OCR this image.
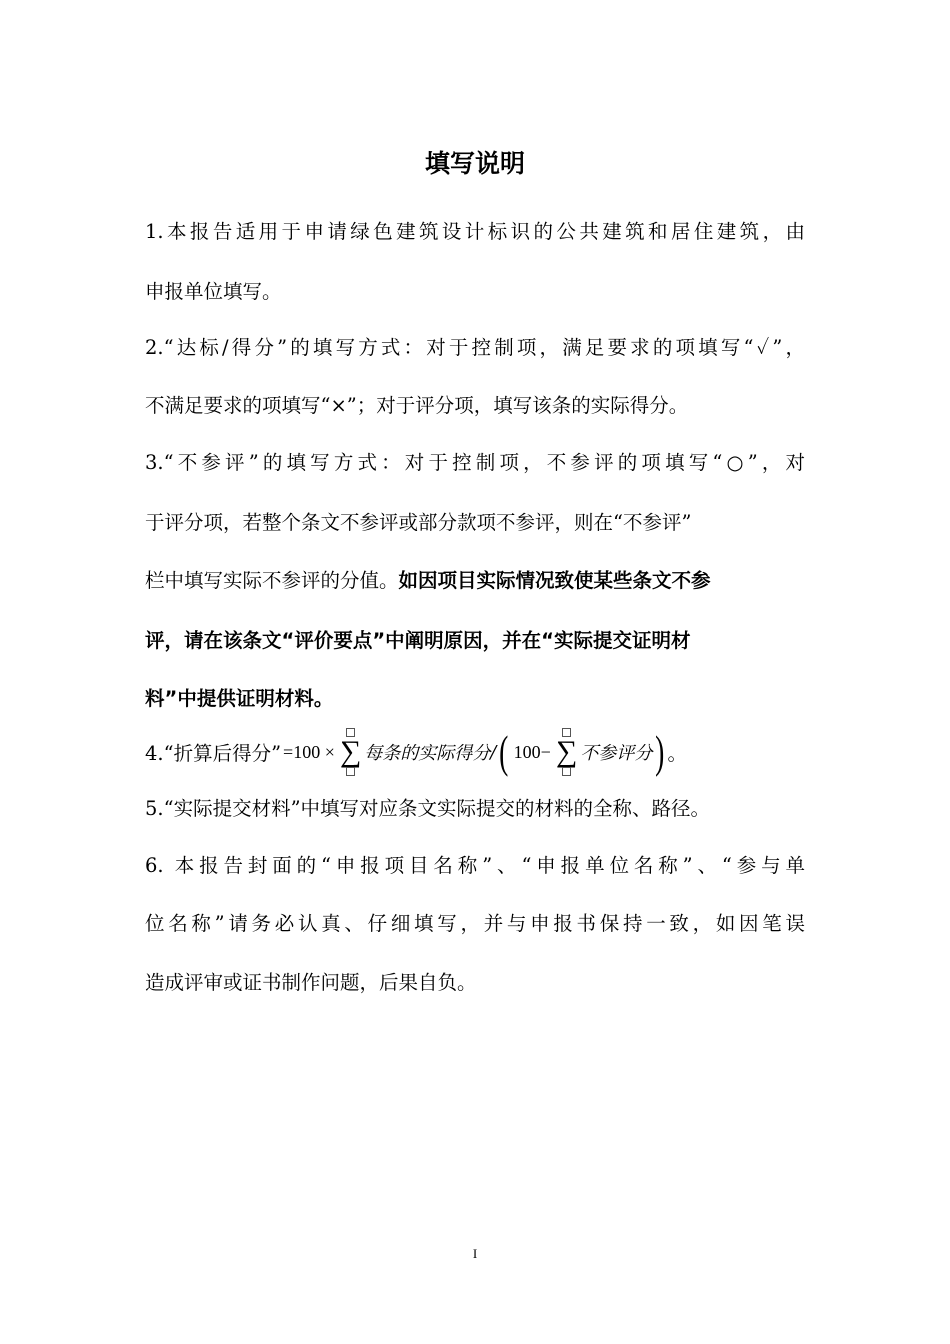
填写说明
1.本报告适用于申请绿色建筑设计标识的公共建筑和居住建筑，由
申报单位填写。
2.“达标/得分”的填写方式：对于控制项，满足要求的项填写“✓”，
不满足要求的项填写“×”；对于评分项，填写该条的实际得分。
3.“不参评”的填写方式：对于控制项，不参评的项填写“○”，对
于评分项，若整个条文不参评或部分款项不参评，则在“不参评”
栏中填写实际不参评的分值。如因项目实际情况致使某些条文不参
评，请在该条文“评价要点”中阐明原因，并在“实际提交证明材
料”中提供证明材料。
4.“折算后得分” =100 × ∑ 每条的实际得分 / ( 100− ∑ 不参评分 ) 。
5.“实际提交材料”中填写对应条文实际提交的材料的全称、路径。
6. 本报告封面的“申报项目名称”、“申报单位名称”、“参与单
位名称”请务必认真、仔细填写，并与申报书保持一致，如因笔误
造成评审或证书制作问题，后果自负。
I
